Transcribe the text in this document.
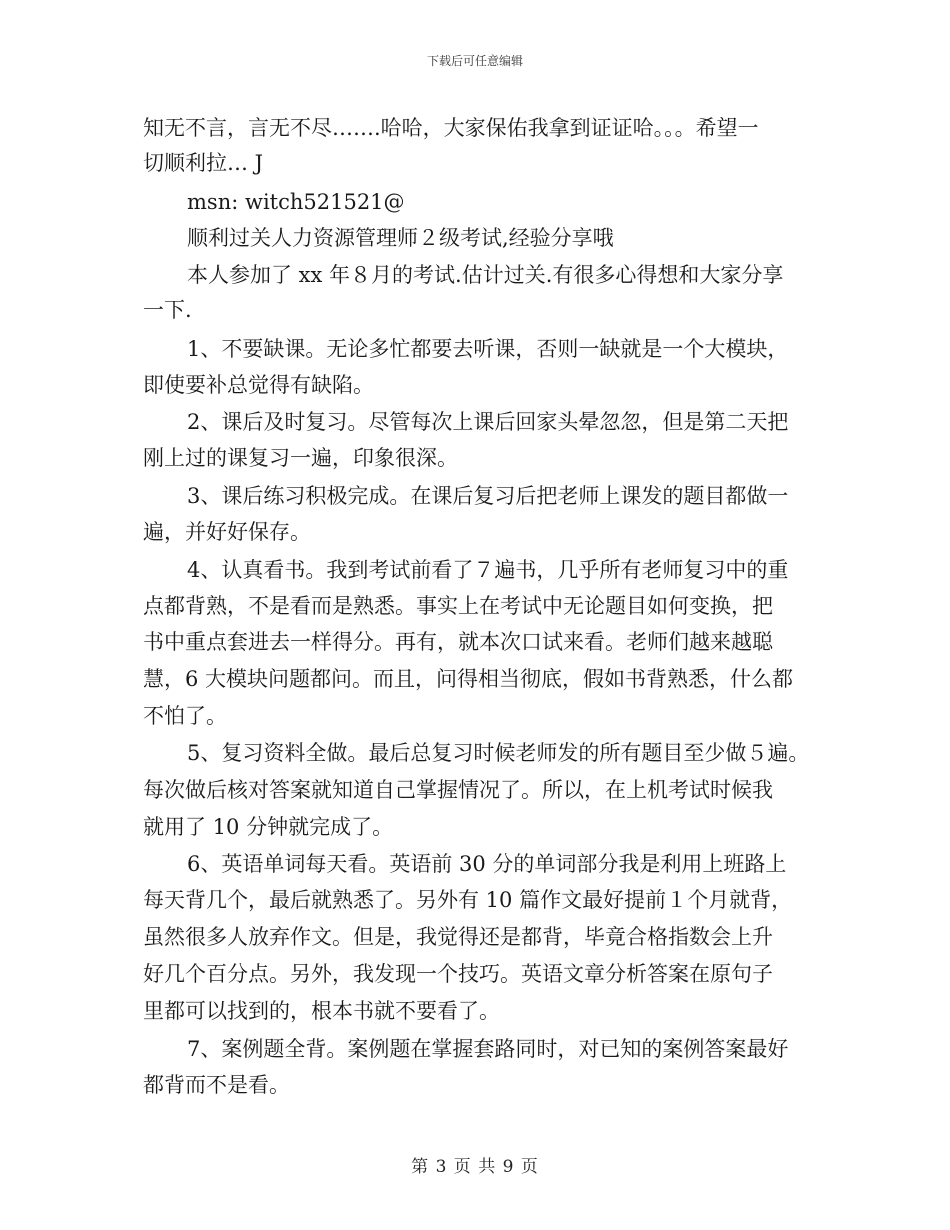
下载后可任意编辑
知无不言，言无不尽…….哈哈，大家保佑我拿到证证哈。。。希望一
切顺利拉… J
msn: witch521521@
顺利过关人力资源管理师２级考试,经验分享哦
本人参加了 xx 年８月的考试.估计过关.有很多心得想和大家分享
一下.
1、不要缺课。无论多忙都要去听课，否则一缺就是一个大模块，
即使要补总觉得有缺陷。
2、课后及时复习。尽管每次上课后回家头晕忽忽，但是第二天把
刚上过的课复习一遍，印象很深。
3、课后练习积极完成。在课后复习后把老师上课发的题目都做一
遍，并好好保存。
4、认真看书。我到考试前看了７遍书，几乎所有老师复习中的重
点都背熟，不是看而是熟悉。事实上在考试中无论题目如何变换，把
书中重点套进去一样得分。再有，就本次口试来看。老师们越来越聪
慧，6 大模块问题都问。而且，问得相当彻底，假如书背熟悉，什么都
不怕了。
5、复习资料全做。最后总复习时候老师发的所有题目至少做５遍。
每次做后核对答案就知道自己掌握情况了。所以，在上机考试时候我
就用了 10 分钟就完成了。
6、英语单词每天看。英语前 30 分的单词部分我是利用上班路上
每天背几个，最后就熟悉了。另外有 10 篇作文最好提前１个月就背，
虽然很多人放弃作文。但是，我觉得还是都背，毕竟合格指数会上升
好几个百分点。另外，我发现一个技巧。英语文章分析答案在原句子
里都可以找到的，根本书就不要看了。
7、案例题全背。案例题在掌握套路同时，对已知的案例答案最好
都背而不是看。
第 3 页 共 9 页
